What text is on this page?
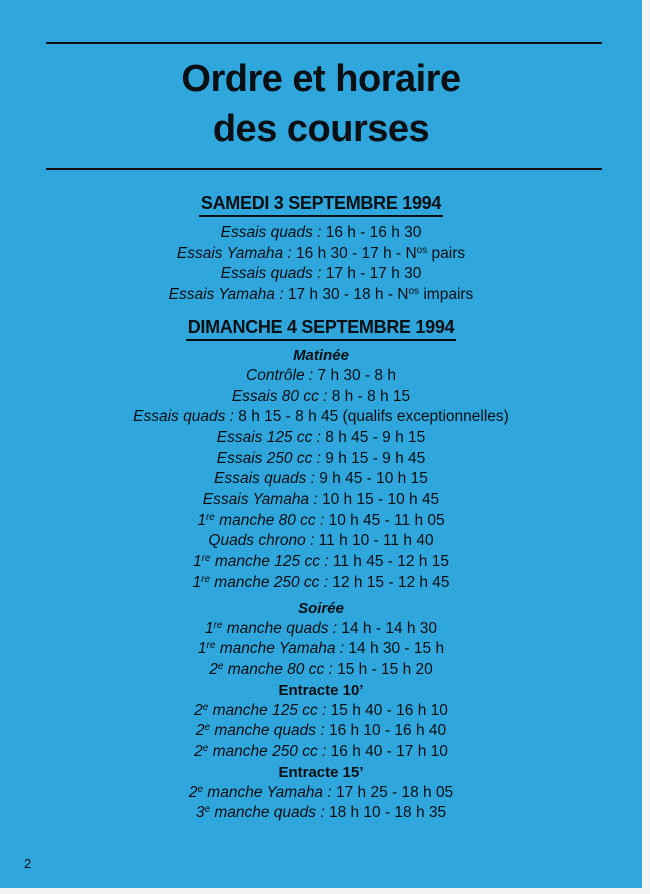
Ordre et horaire
des courses
SAMEDI 3 SEPTEMBRE 1994
Essais quads : 16 h - 16 h 30
Essais Yamaha : 16 h 30 - 17 h - $N^{os}$ pairs
Essais quads : 17 h - 17 h 30
Essais Yamaha : 17 h 30 - 18 h - $N^{os}$ impairs
DIMANCHE 4 SEPTEMBRE 1994
Matinée
Contrôle : 7 h 30 - 8 h
Essais 80 cc : 8 h - 8 h 15
Essais quads : 8 h 15 - 8 h 45 (qualifs exceptionnelles)
Essais 125 cc : 8 h 45 - 9 h 15
Essais 250 cc : 9 h 15 - 9 h 45
Essais quads : 9 h 45 - 10 h 15
Essais Yamaha : 10 h 15 - 10 h 45
1re manche 80 cc : 10 h 45 - 11 h 05
Quads chrono : 11 h 10 - 11 h 40
1re manche 125 cc : 11 h 45 - 12 h 15
1re manche 250 cc : 12 h 15 - 12 h 45
Soirée
1re manche quads : 14 h - 14 h 30
1re manche Yamaha : 14 h 30 - 15 h
2e manche 80 cc : 15 h - 15 h 20
Entracte 10’
2e manche 125 cc : 15 h 40 - 16 h 10
2e manche quads : 16 h 10 - 16 h 40
2e manche 250 cc : 16 h 40 - 17 h 10
Entracte 15’
2e manche Yamaha : 17 h 25 - 18 h 05
3e manche quads : 18 h 10 - 18 h 35
2
